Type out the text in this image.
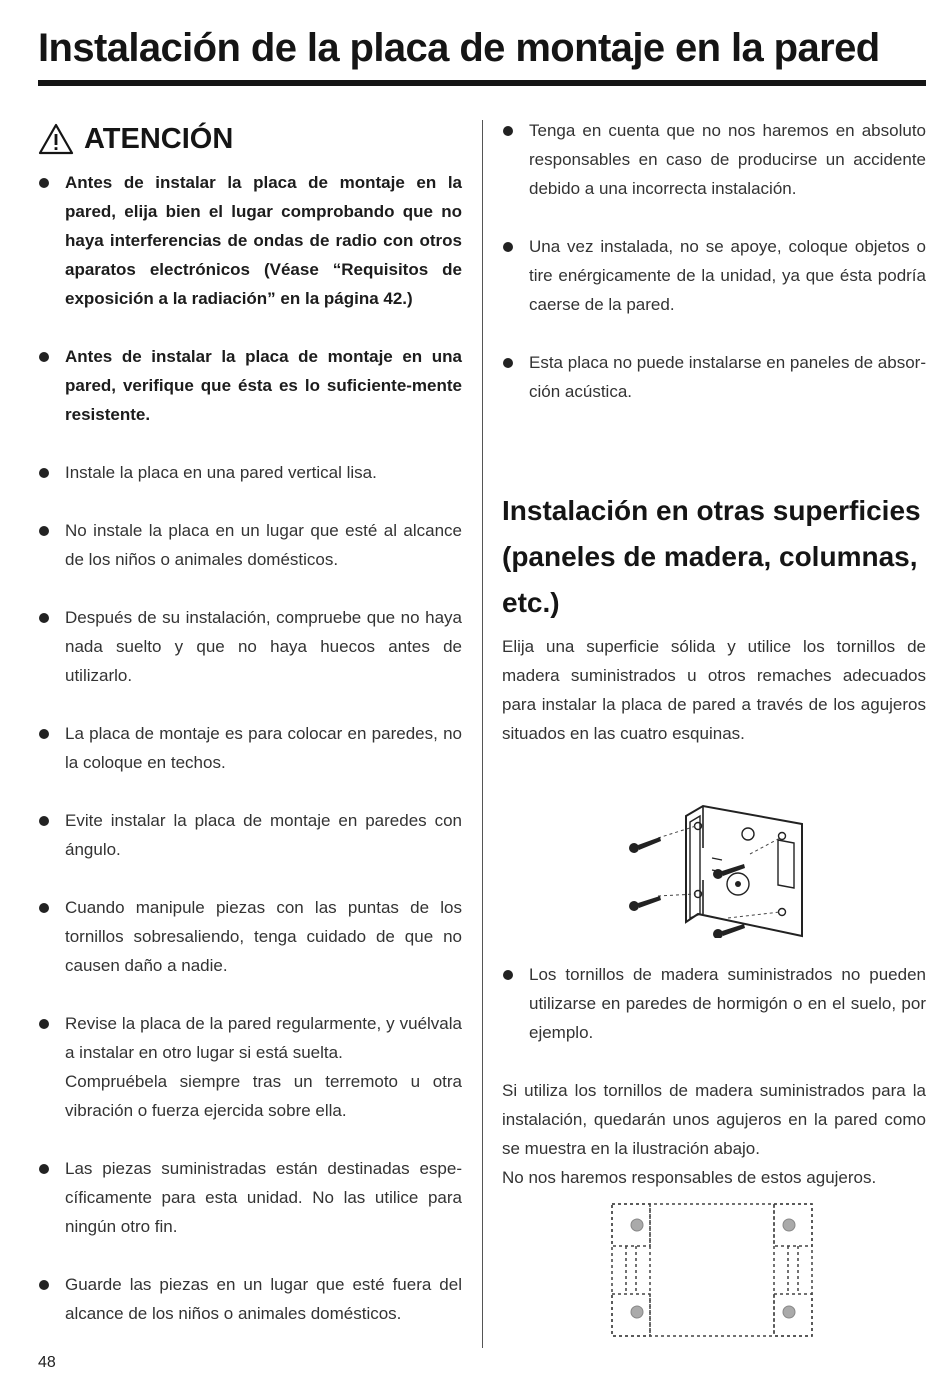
Instalación de la placa de montaje en la pared
ATENCIÓN
Antes de instalar la placa de montaje en la pared, elija bien el lugar comprobando que no haya interferencias de ondas de radio con otros aparatos electrónicos (Véase “Requisitos de exposición a la radiación” en la página 42.)
Antes de instalar la placa de montaje en una pared, verifique que ésta es lo suficiente-mente resistente.
Instale la placa en una pared vertical lisa.
No instale la placa en un lugar que esté al alcance de los niños o animales domésticos.
Después de su instalación, compruebe que no haya nada suelto y que no haya huecos antes de utilizarlo.
La placa de montaje es para colocar en paredes, no la coloque en techos.
Evite instalar la placa de montaje en paredes con ángulo.
Cuando manipule piezas con las puntas de los tornillos sobresaliendo, tenga cuidado de que no causen daño a nadie.
Revise la placa de la pared regularmente, y vuélvala a instalar en otro lugar si está suelta.
Compruébela siempre tras un terremoto u otra vibración o fuerza ejercida sobre ella.
Las piezas suministradas están destinadas espe-cíficamente para esta unidad. No las utilice para ningún otro fin.
Guarde las piezas en un lugar que esté fuera del alcance de los niños o animales domésticos.
Tenga en cuenta que no nos haremos en absoluto responsables en caso de producirse un accidente debido a una incorrecta instalación.
Una vez instalada, no se apoye, coloque objetos o tire enérgicamente de la unidad, ya que ésta podría caerse de la pared.
Esta placa no puede instalarse en paneles de absor-ción acústica.
Instalación en otras superficies (paneles de madera, columnas, etc.)

Elija una superficie sólida y utilice los tornillos de madera suministrados u otros remaches adecuados para instalar la placa de pared a través de los agujeros situados en las cuatro esquinas.

Los tornillos de madera suministrados no pueden utilizarse en paredes de hormigón o en el suelo, por ejemplo.

Si utiliza los tornillos de madera suministrados para la instalación, quedarán unos agujeros en la pared como se muestra en la ilustración abajo.

No nos haremos responsables de estos agujeros.

48
